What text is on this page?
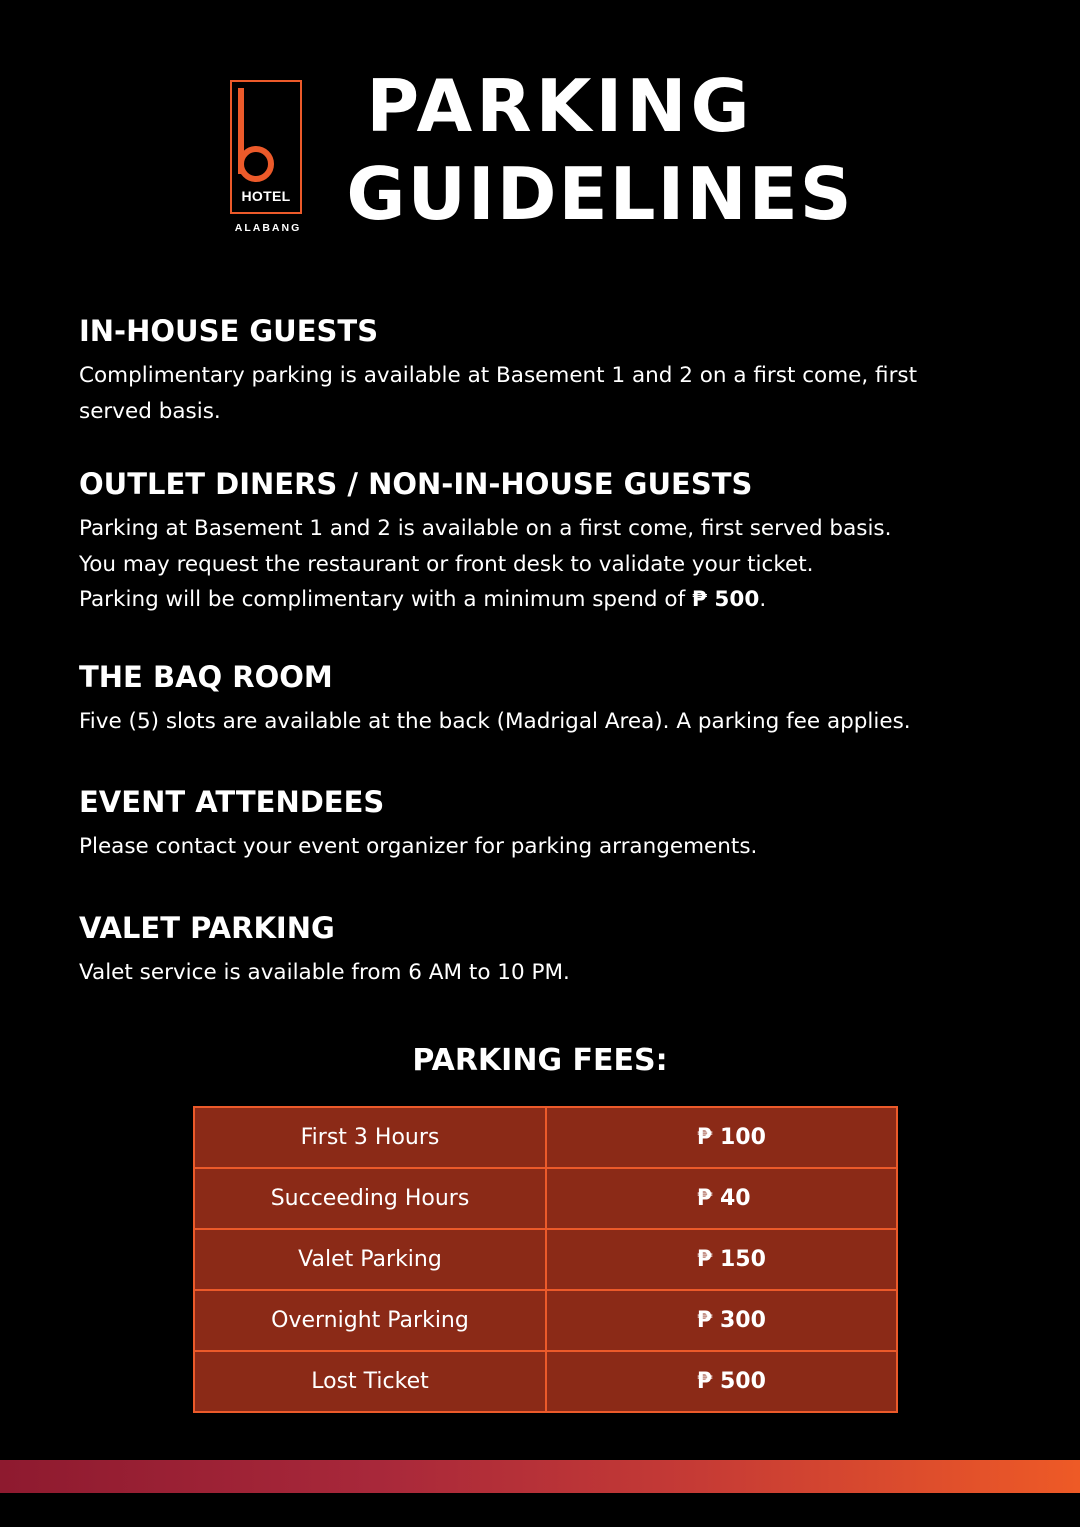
HOTEL
ALABANG
PARKING
GUIDELINES
IN-HOUSE GUESTS

Complimentary parking is available at Basement 1 and 2 on a first come, first served basis.

OUTLET DINERS / NON-IN-HOUSE GUESTS

Parking at Basement 1 and 2 is available on a first come, first served basis.
You may request the restaurant or front desk to validate your ticket.
Parking will be complimentary with a minimum spend of ₱ 500.

THE BAQ ROOM

Five (5) slots are available at the back (Madrigal Area). A parking fee applies.

EVENT ATTENDEES

Please contact your event organizer for parking arrangements.

VALET PARKING

Valet service is available from 6 AM to 10 PM.

PARKING FEES:
First 3 Hours	₱ 100
Succeeding Hours	₱ 40
Valet Parking	₱ 150
Overnight Parking	₱ 300
Lost Ticket	₱ 500
